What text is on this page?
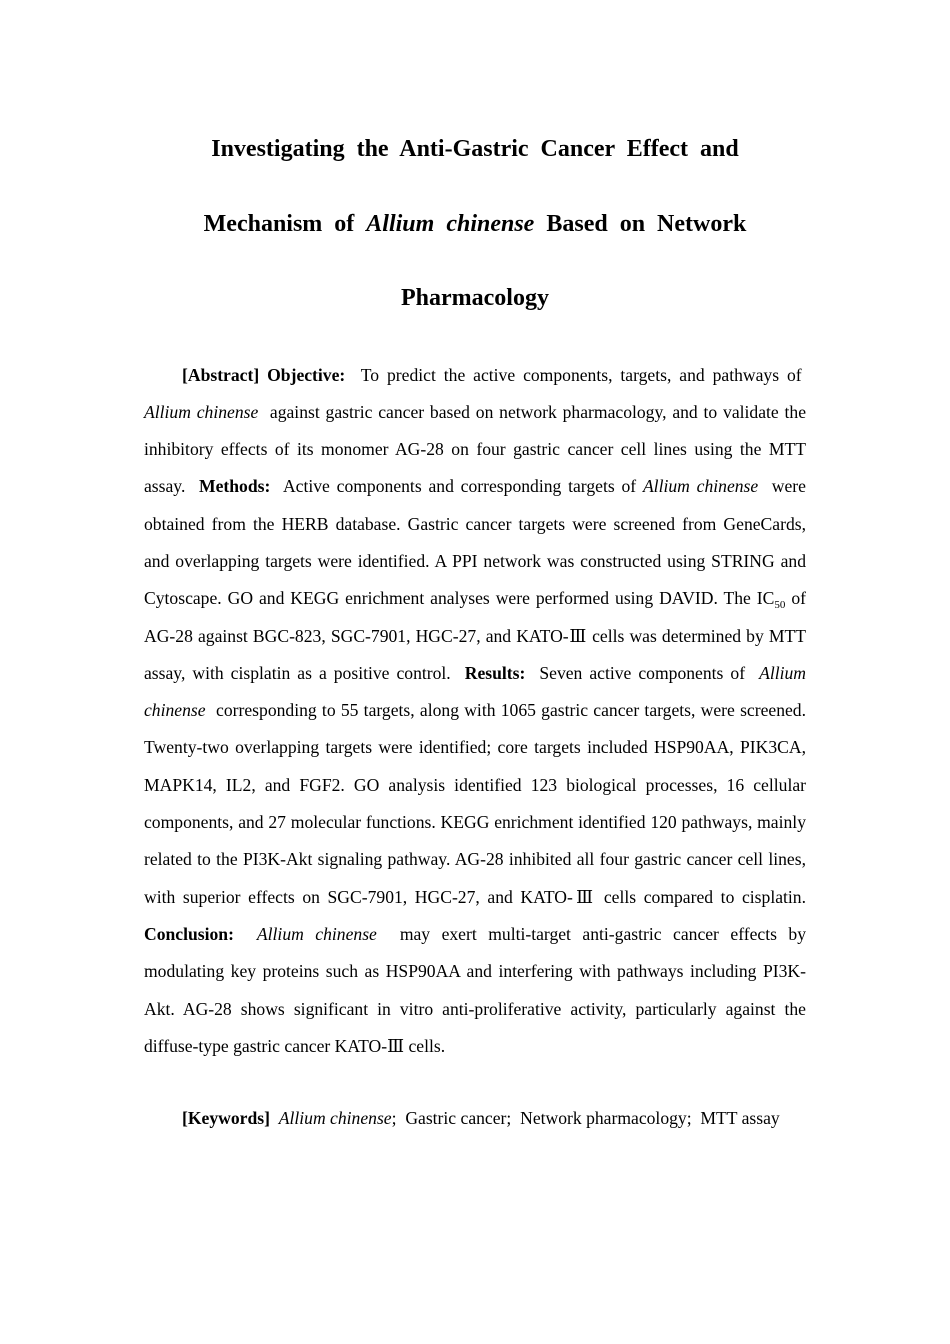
Investigating the Anti-Gastric Cancer Effect and Mechanism of Allium chinense Based on Network Pharmacology

[Abstract] Objective: To predict the active components, targets, and pathways of  Allium chinense against gastric cancer based on network pharmacology, and to validate the inhibitory effects of its monomer AG-28 on four gastric cancer cell lines using the MTT assay. Methods: Active components and corresponding targets of Allium chinense were obtained from the HERB database. Gastric cancer targets were screened from GeneCards, and overlapping targets were identified. A PPI network was constructed using STRING and Cytoscape. GO and KEGG enrichment analyses were performed using DAVID. The $IC_{50}$ of AG-28 against BGC-823, SGC-7901, HGC-27, and KATO-Ⅲ cells was determined by MTT assay, with cisplatin as a positive control. Results: Seven active components of Allium chinense corresponding to 55 targets, along with 1065 gastric cancer targets, were screened. Twenty-two overlapping targets were identified; core targets included HSP90AA, PIK3CA, MAPK14, IL2, and FGF2. GO analysis identified 123 biological processes, 16 cellular components, and 27 molecular functions. KEGG enrichment identified 120 pathways, mainly related to the PI3K-Akt signaling pathway. AG-28 inhibited all four gastric cancer cell lines, with superior effects on SGC-7901, HGC-27, and KATO-Ⅲ cells compared to cisplatin. Conclusion: Allium chinense may exert multi-target anti-gastric cancer effects by modulating key proteins such as HSP90AA and interfering with pathways including PI3K-Akt. AG-28 shows significant in vitro anti-proliferative activity, particularly against the diffuse-type gastric cancer KATO-Ⅲ cells.

[Keywords] Allium chinense; Gastric cancer; Network pharmacology; MTT assay
